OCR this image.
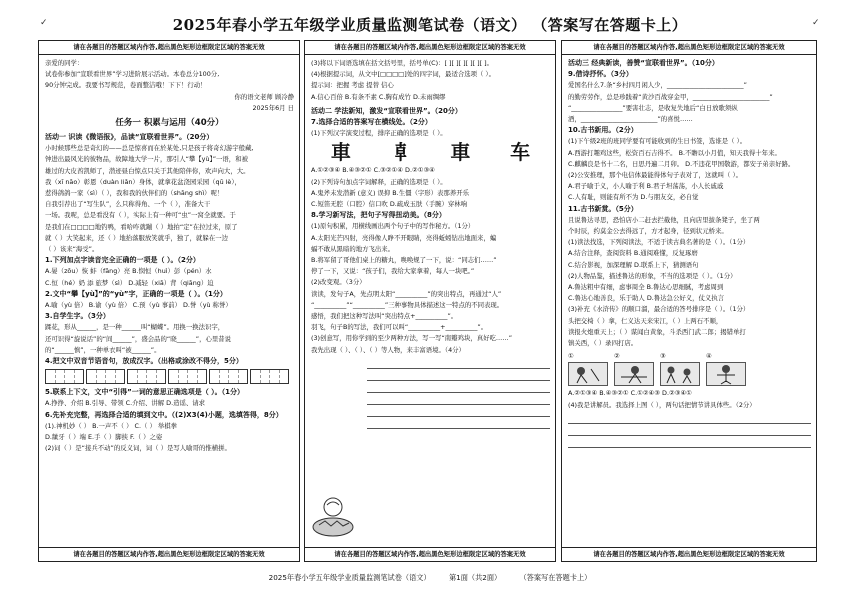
2025年春小学五年级学业质量监测笔试卷（语文） （答案写在答题卡上）
✓	✓
请在各题目的答题区域内作答,超出黑色矩形边框限定区域的答案无效

亲爱的同学：

试卷你参加“宣联看世界”学习进阶展示活动。本卷总分100分,

90分钟完成。我要书写规范，卷面整洁哦！下下！行动！

你的语文老师 顾冷静

2025年6月 日

任务一 积累与运用（40分）

活动一 识读《微语报》，品读“宣联看世界”。（20分）

小时候那些总是奇幻的——总是惊喜而在於某处,只是孩子将奇幻游宇般藏,

钟进出最风光的彼物品，故障地大学一片，那引人“攀【yù】”一语，和被

雄过的大皮酋凯师了，潜迹昼白惊点只关于其他陪伴你，欢声向大，大。

我（xī nāo）彰恩（duàn liǎn）身体，就拿花盆浇园采园（qū lè），

惹得鸽鸽一家（sì）（ ），我和我的伙伴们的（shāng shì）呢！

自我引荐出了“写生队”，么只称得角、一个（ ），准备大干

一场。我呢，总是看没有（ ），实际上有一种可“虫”一窝全就要。于

是我们在□□□□地钓鸭，看哈咋就蹦（ ）地拍“定”在拉过来，原了

就（ ）大笑起来，还（ ）地抬落服放笑就乎，独了，就躲在一边

（ ）该来“海受”。

1.下列加点字读音完全正确的一项是（ ）。（2分）

A.晏（zōu）恢 蚌（fāng）亮 B.悯恒（huì）彭（pén）水

C.恒（hé）奶 添 旅梦（sì） D.减轻（xiā）背（qiāng）迫

2.文中“攀【yù】”的“yù”字，正确的一项是（ ）。（1分）

A.喻（yù 倍） B.谕（yù 倍） C.预（yù 事前） D.誉（yù 称誉）

3.自学生字。（3分）

蹂花，形从______，是一种______叫“蝴蝶”。用换一换法识字，

还可识得“旋说话”的“间______”，盛会品的“晓______”，心里昔说

的“______慎”，一种单衣叫“被______”。

4.把文中双音节语音句，放成汉字。（出格或涂改不得分，5分）

5.联系上下文，文中“引得”一词的意思正确选项是（ ）。（1分）

A.挣挣、介绍 B.引导、带领 C.介绍、讲解 D.造谣、请求

6.先补充完整，再选择合适的填到文中。（(2)X3(4)小题，选填答得，8分）

(1).神机妙（ ） B.一声不（ ） C.（ ） 举棋拳

D.龇牙（ ）端 E.手（ ）脚挟 F.（ ）之姿

(2)词（ ）是“接兵不动”的反义词，词（ ）是写人喻哥的惟横拼。

请在各题目的答题区域内作答,超出黑色矩形边框限定区域的答案无效
请在各题目的答题区域内作答,超出黑色矩形边框限定区域的答案无效

(3)将以下词语选填在括文括号里，括号单(C)：[ ][ ][ ][ ][ ][ ]。

(4)根据提示词，从文中[□□□□]处的四字词，最适合选项（ ）。

提示词：把握 考虑 提替 信心

A.信心百倍 B.有条不素 C.胸有成竹 D.未雨绸缪

活动二 学法新知，激发“宣联看世界”。（20分）

7.选择合适的答案写在横线处。（2分）

(1)下列汉字演变过程，排序正确的选项是（ ）。

車 𠦝 車 车

A.①②③④ B.④③②① C.③②①④ D.②①③④

(2)下列诗句加点字词解释，正确的选项是（ ）。

A.鬼斧未发潜新 (意义) 误抑 B.生僵（字形）表那养开乐

C.短笛无腔（口腔）信口吹 D.疏成玉肤（手腕）穿林响

8.学习新写法，把句子写得扭动美。（8分）

(1)原句积累，用横线画出两个句子中的写作秘方。（1分）

A.太阳光芒四射，亮得像人睁不开眼睛，亮得蚯蚓钻出地面来，蝙

蝠不敢从黑暗的地方飞出来。

B.将军留了哥他们桌上的糖丸，唤唤规了一下，说：“同志们……”

停了一下，又说：“孩子们，我给大家拿着，每人一块吧。”

(2)改变观。（3分）

读读，发句子A，先点明太阳“__________”的突出特点，再通过“人”

“__________”“__________”三种事物具体描述这一特点的不同表现。

感悟，我们把这种写法叫“突出特点+__________”。

羽飞，句子B的写法，我们可以叫“__________+__________”。

(3)创意写，用你学到的至少两种方法，写一写“南瓣鸡块，真好吃……”

我先出现（ ）、（ ）、（ ）等人物，来丰富语境。（4分）

请在各题目的答题区域内作答,超出黑色矩形边框限定区域的答案无效
请在各题目的答题区域内作答,超出黑色矩形边框限定区域的答案无效

活动三 经典新读，善赞“宣联看世界”。（10分）

9.借诗抒怀。（3分）

爱国名什么7.条“乡村四月闲人少，________________________”

的勤劳劳作，总是珍践着“黄沙百战穿金甲，________________________”

“________________”要害壮志，是收复失地后“白日放歌须纵

酒，________________________”的喜悦……

10.古书新用。（2分）

(1)下午级2班的班同学要有可能收到的生日书签，选谁是（ ）。

A.西游打趣鸡这些，松资百石吉得不。 B.不瞻以小月值，知天我得十年来。

C.麒麟良是书十二名，日思丹遍二月卯。 D.不违花甲国敬游，都安子弟亲好路。

(2)公安推理，那个电信体最能得体句子表对了，这就叫（ ）。

A.君子喻于义，小人喻于利 B.君子坦荡荡，小人长戚戚

C.人有耻，则能有所不为 D.与朋友交，必自觉

11.古书新赏。（5分）

且说鲁达寻思，恐怕店小二赶去拦截他，且向店里拔条凳子，坐了两

个时辰，约莫金公去得远了，方才起身，径到状元桥来。

(1)读法找选，下列阅读法，不适于读古典名著的是（ ）。（1分）

A.结合注释，查阅资料 B.通阅难懂，反复琢磨

C.结合影视，加深理解 D.联系上下，猜测语句

(2)人物品鉴，描述鲁达的形象，不当的选项是（ ）。（1分）

A.鲁达粗中有细，虑事周全 B.鲁达心思细腻，考虑周到

C.鲁达心地善良，乐于助人 D.鲁达急公好义，仗义执言

(3)补充《水浒传》的顺口溜，最合适的答号排序是（ ）。（1分）

头把交椅（ ）拿，仁义达天来宋江，（ ）上两石不顺，

读报火炮重天上；（ ）谋闻白黄象，斗杀西门武二郎；揭错单打

镇关西，（ ）录四打店。

①	②	③	④

A.②①③④ B.④③②① C.①②④③ D.②③④①

(4)我是讲解员。我选择上图（ ），两句话把情节讲具体些。（2分）

请在各题目的答题区域内作答,超出黑色矩形边框限定区域的答案无效
2025年春小学五年级学业质量监测笔试卷（语文）        第1面（共2面）        （答案写在答题卡上）
